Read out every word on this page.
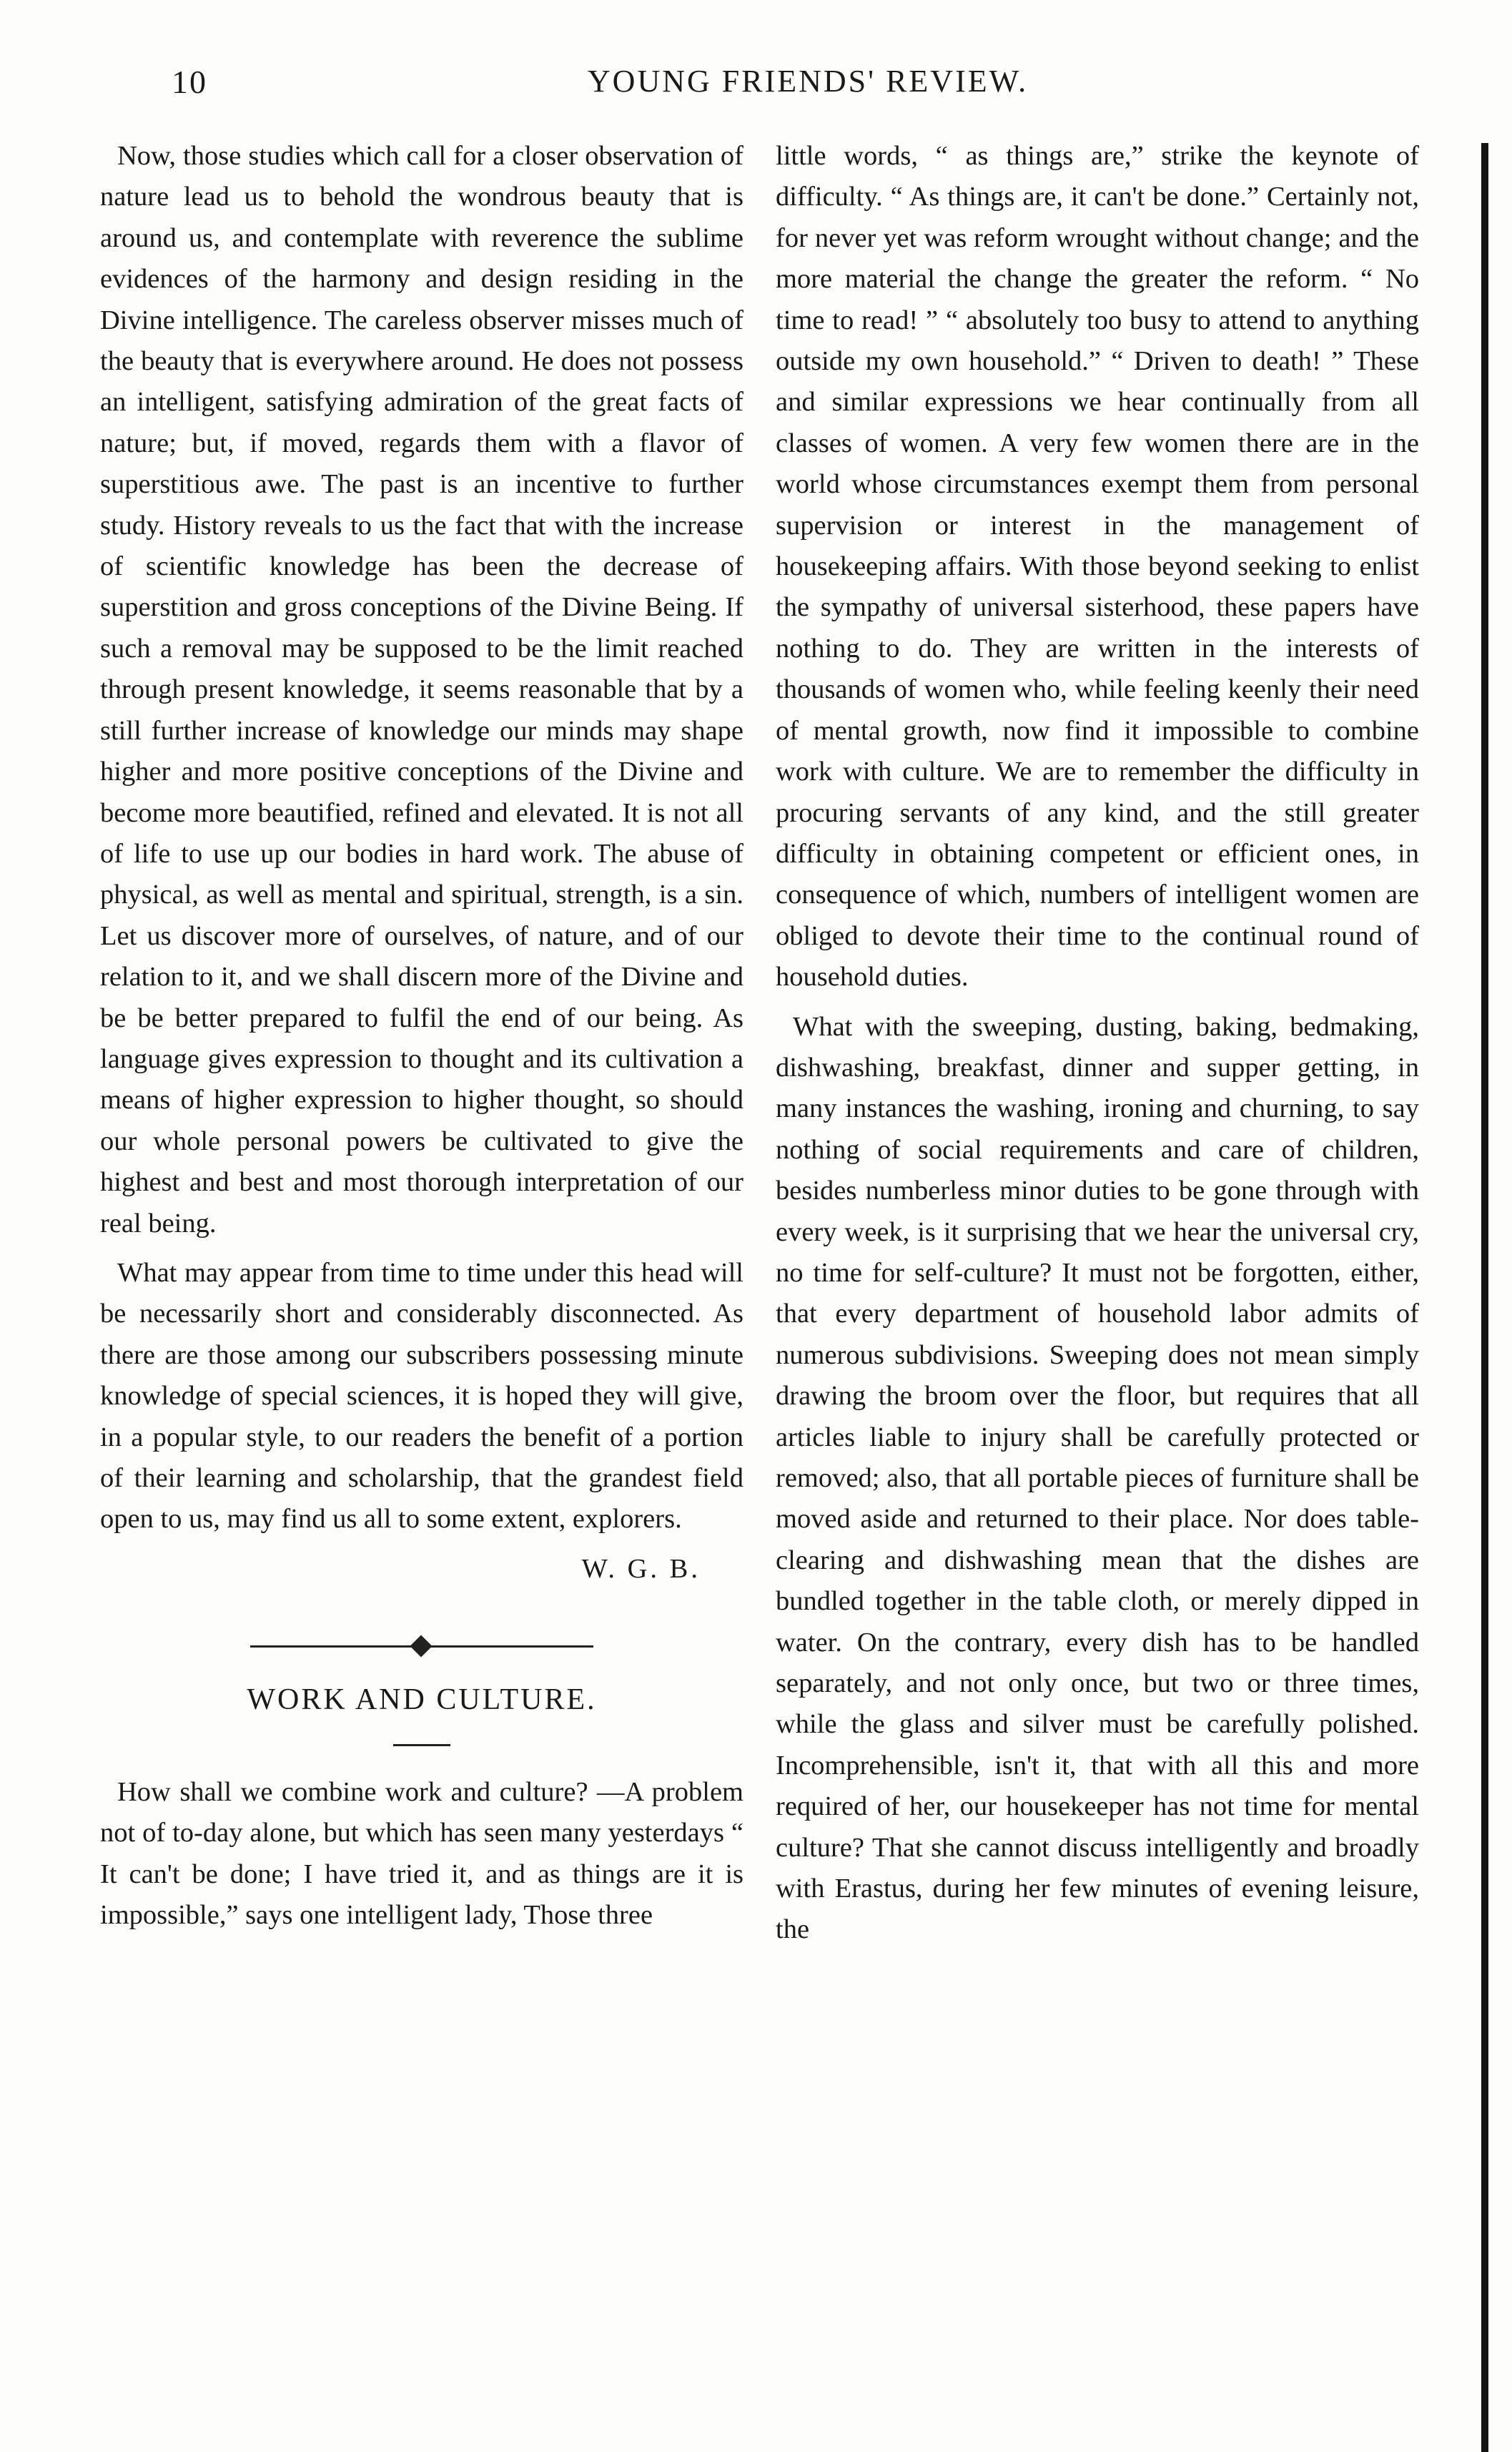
10	YOUNG FRIENDS' REVIEW.

Now, those studies which call for a closer observation of nature lead us to behold the wondrous beauty that is around us, and contemplate with reverence the sublime evidences of the harmony and design residing in the Divine intelligence. The careless observer misses much of the beauty that is everywhere around. He does not possess an intelligent, satisfying admiration of the great facts of nature; but, if moved, regards them with a flavor of superstitious awe. The past is an incentive to further study. History reveals to us the fact that with the increase of scientific knowledge has been the decrease of superstition and gross conceptions of the Divine Being. If such a removal may be supposed to be the limit reached through present knowledge, it seems reasonable that by a still further increase of knowledge our minds may shape higher and more positive conceptions of the Divine and become more beautified, refined and elevated. It is not all of life to use up our bodies in hard work. The abuse of physical, as well as mental and spiritual, strength, is a sin. Let us discover more of ourselves, of nature, and of our relation to it, and we shall discern more of the Divine and be be better prepared to fulfil the end of our being. As language gives expression to thought and its cultivation a means of higher expression to higher thought, so should our whole personal powers be cultivated to give the highest and best and most thorough interpretation of our real being.

What may appear from time to time under this head will be necessarily short and considerably disconnected. As there are those among our subscribers possessing minute knowledge of special sciences, it is hoped they will give, in a popular style, to our readers the benefit of a portion of their learning and scholarship, that the grandest field open to us, may find us all to some extent, explorers.

W. G. B.

WORK AND CULTURE.

How shall we combine work and culture? —A problem not of to-day alone, but which has seen many yesterdays “ It can't be done; I have tried it, and as things are it is impossible,” says one intelligent lady, Those three

little words, “ as things are,” strike the keynote of difficulty. “ As things are, it can't be done.” Certainly not, for never yet was reform wrought without change; and the more material the change the greater the reform. “ No time to read! ” “ absolutely too busy to attend to anything outside my own household.” “ Driven to death! ” These and similar expressions we hear continually from all classes of women. A very few women there are in the world whose circumstances exempt them from personal supervision or interest in the management of housekeeping affairs. With those beyond seeking to enlist the sympathy of universal sisterhood, these papers have nothing to do. They are written in the interests of thousands of women who, while feeling keenly their need of mental growth, now find it impossible to combine work with culture. We are to remember the difficulty in procuring servants of any kind, and the still greater difficulty in obtaining competent or efficient ones, in consequence of which, numbers of intelligent women are obliged to devote their time to the continual round of household duties.

What with the sweeping, dusting, baking, bedmaking, dishwashing, breakfast, dinner and supper getting, in many instances the washing, ironing and churning, to say nothing of social requirements and care of children, besides numberless minor duties to be gone through with every week, is it surprising that we hear the universal cry, no time for self-culture? It must not be forgotten, either, that every department of household labor admits of numerous subdivisions. Sweeping does not mean simply drawing the broom over the floor, but requires that all articles liable to injury shall be carefully protected or removed; also, that all portable pieces of furniture shall be moved aside and returned to their place. Nor does table-clearing and dishwashing mean that the dishes are bundled together in the table cloth, or merely dipped in water. On the contrary, every dish has to be handled separately, and not only once, but two or three times, while the glass and silver must be carefully polished. Incomprehensible, isn't it, that with all this and more required of her, our housekeeper has not time for mental culture? That she cannot discuss intelligently and broadly with Erastus, during her few minutes of evening leisure, the
